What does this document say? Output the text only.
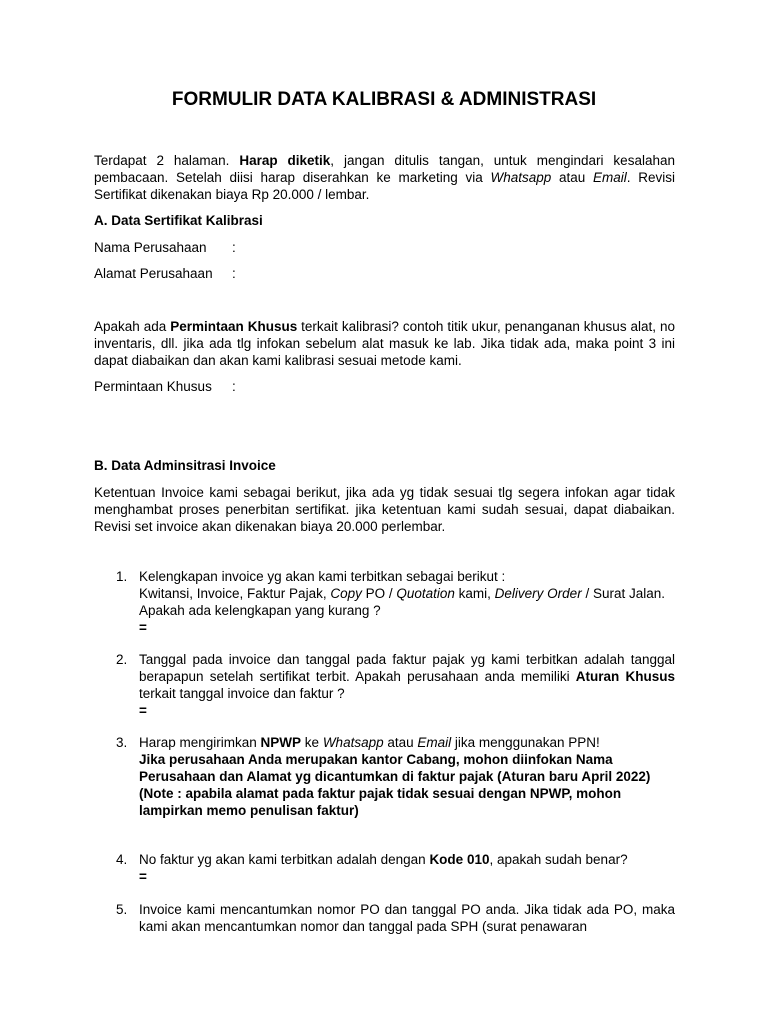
FORMULIR DATA KALIBRASI & ADMINISTRASI

Terdapat 2 halaman. Harap diketik, jangan ditulis tangan, untuk mengindari kesalahan pembacaan. Setelah diisi harap diserahkan ke marketing via Whatsapp atau Email. Revisi Sertifikat dikenakan biaya Rp 20.000 / lembar.

A. Data Sertifikat Kalibrasi

Nama Perusahaan	:
Alamat Perusahaan	:

Apakah ada Permintaan Khusus terkait kalibrasi? contoh titik ukur, penanganan khusus alat, no inventaris, dll. jika ada tlg infokan sebelum alat masuk ke lab. Jika tidak ada, maka point 3 ini dapat diabaikan dan akan kami kalibrasi sesuai metode kami.

Permintaan Khusus	:

B. Data Adminsitrasi Invoice

Ketentuan Invoice kami sebagai berikut, jika ada yg tidak sesuai tlg segera infokan agar tidak menghambat proses penerbitan sertifikat. jika ketentuan kami sudah sesuai, dapat diabaikan. Revisi set invoice akan dikenakan biaya 20.000 perlembar.

1. Kelengkapan invoice yg akan kami terbitkan sebagai berikut :

Kwitansi, Invoice, Faktur Pajak, Copy PO / Quotation kami, Delivery Order / Surat Jalan. Apakah ada kelengkapan yang kurang ?

=

2. Tanggal pada invoice dan tanggal pada faktur pajak yg kami terbitkan adalah tanggal berapapun setelah sertifikat terbit. Apakah perusahaan anda memiliki Aturan Khusus terkait tanggal invoice dan faktur ?

=

3. Harap mengirimkan NPWP ke Whatsapp atau Email jika menggunakan PPN!

Jika perusahaan Anda merupakan kantor Cabang, mohon diinfokan Nama Perusahaan dan Alamat yg dicantumkan di faktur pajak (Aturan baru April 2022)

(Note : apabila alamat pada faktur pajak tidak sesuai dengan NPWP, mohon lampirkan memo penulisan faktur)

4. No faktur yg akan kami terbitkan adalah dengan Kode 010, apakah sudah benar?

=

5. Invoice kami mencantumkan nomor PO dan tanggal PO anda. Jika tidak ada PO, maka kami akan mencantumkan nomor dan tanggal pada SPH (surat penawaran
